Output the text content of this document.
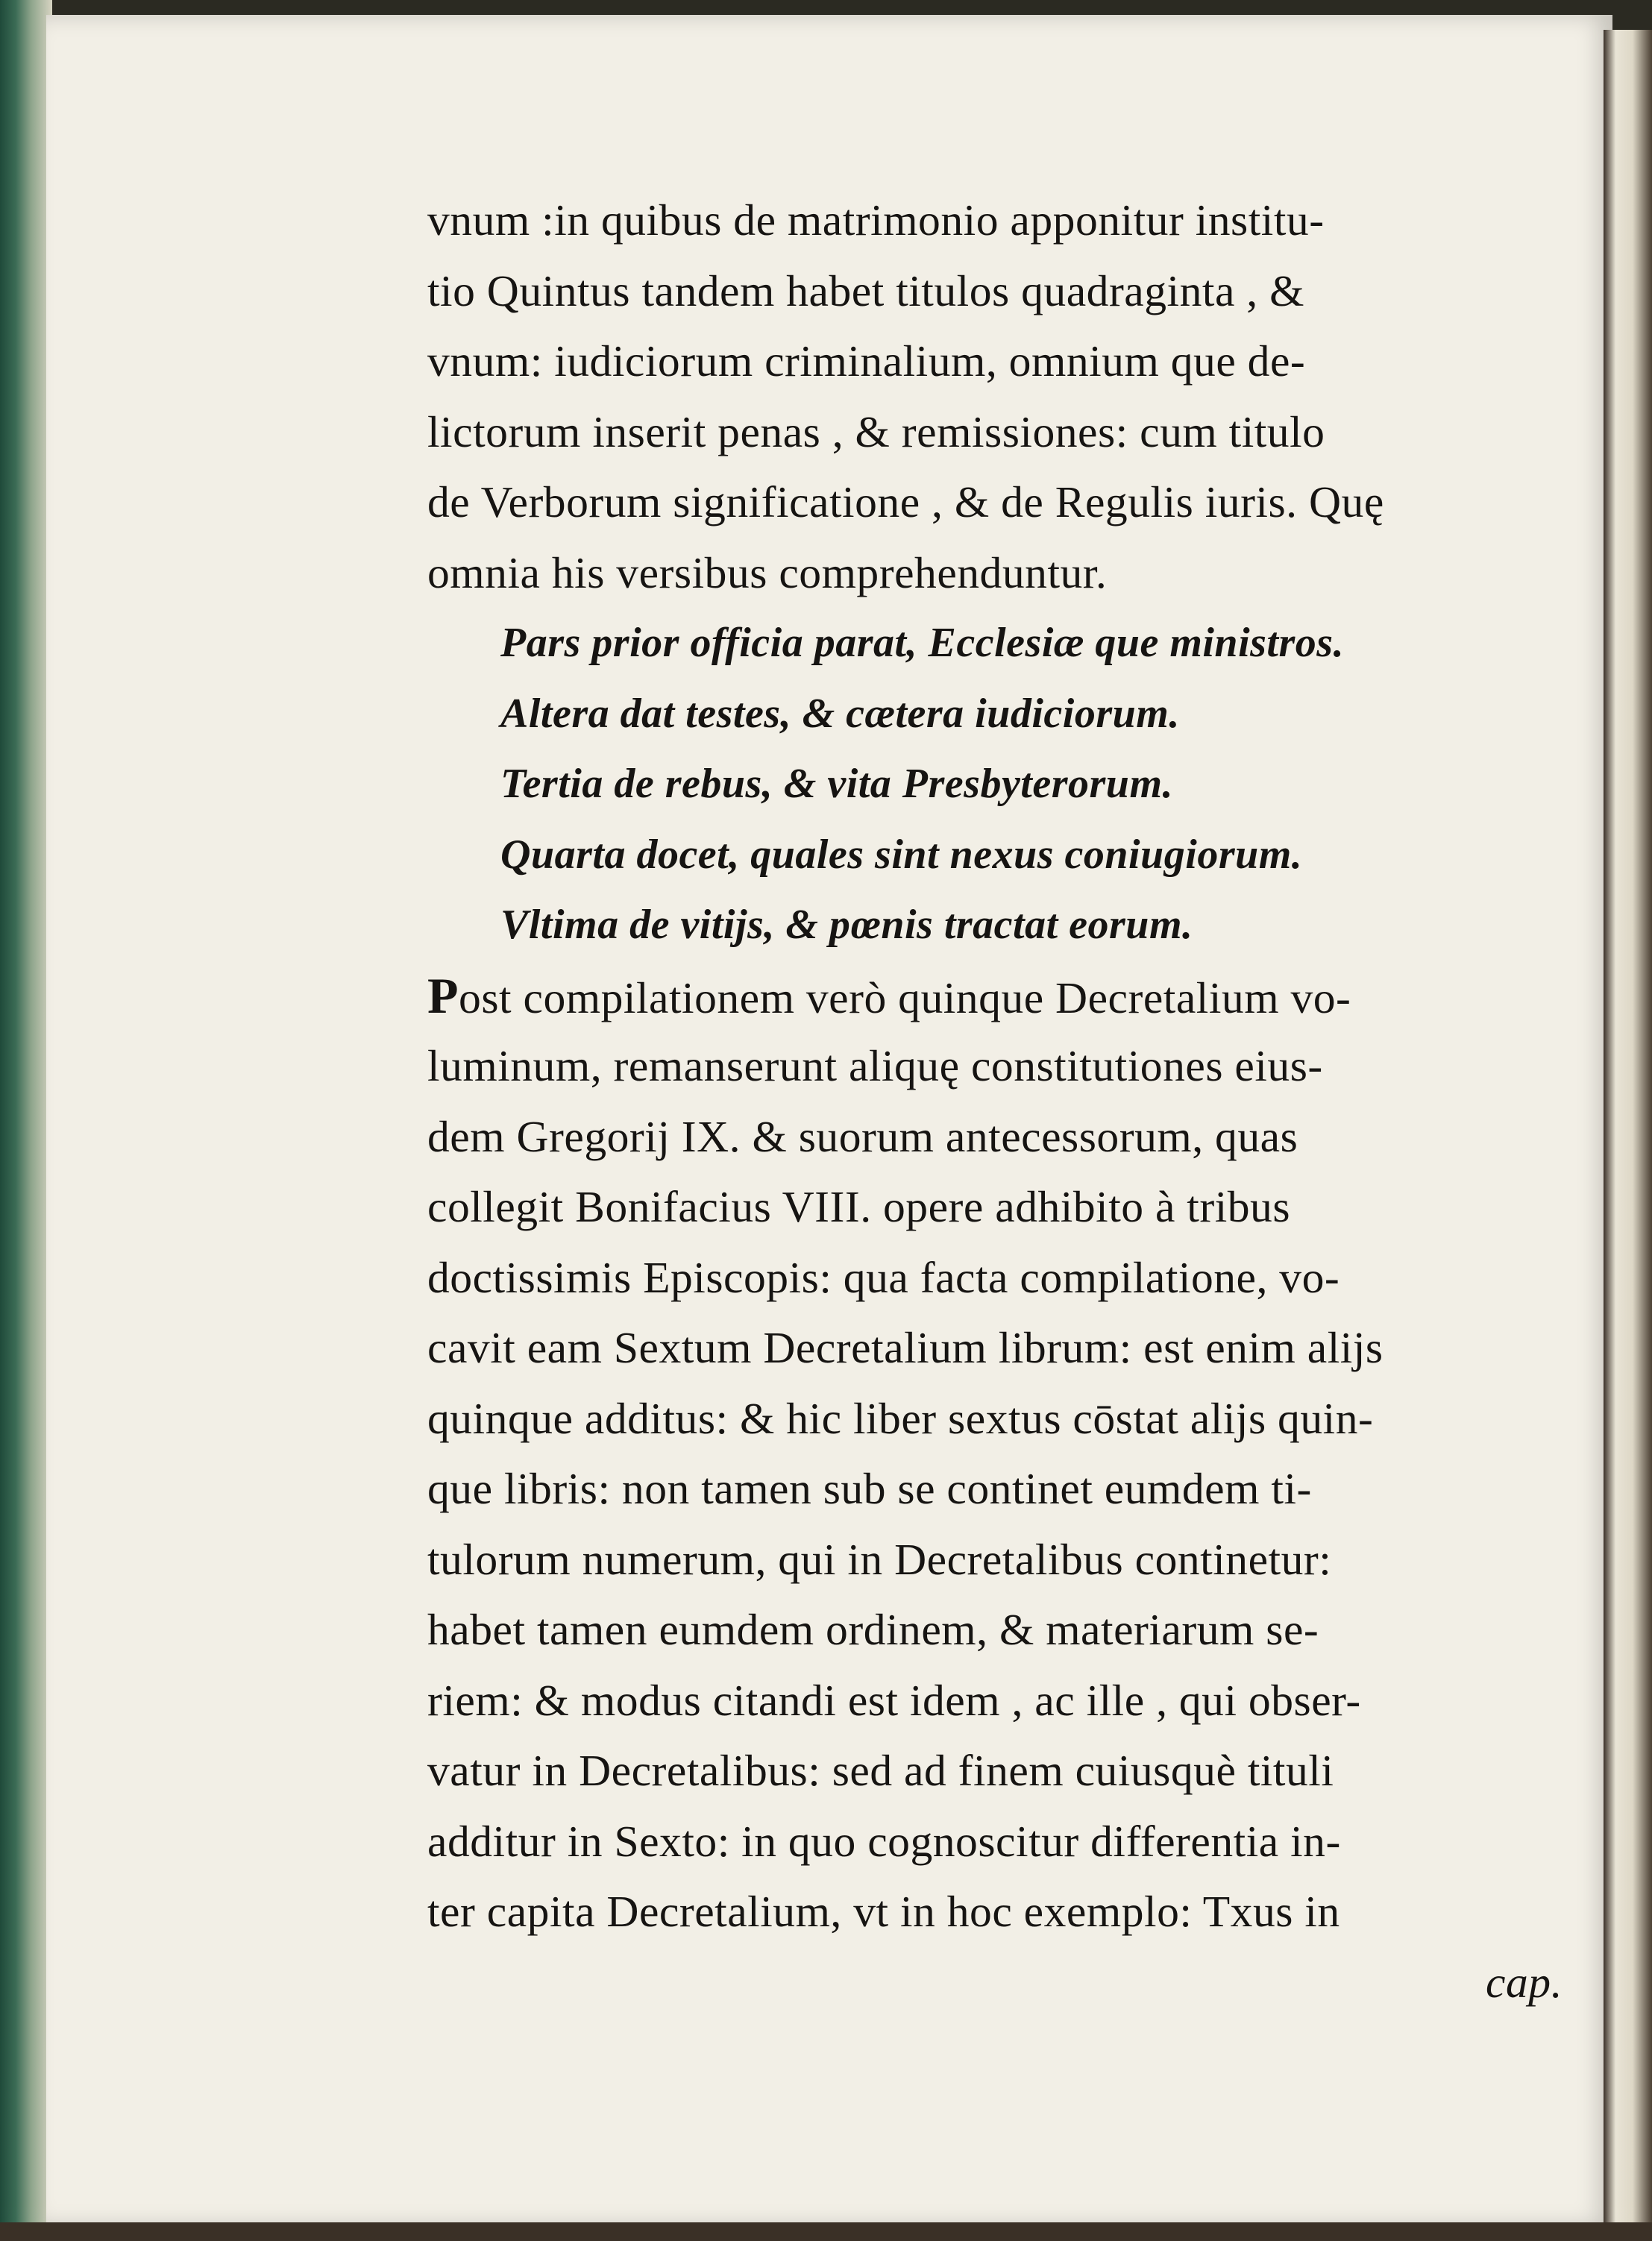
vnum :in quibus de matrimonio apponitur institu-
tio Quintus tandem habet titulos quadraginta , &
vnum: iudiciorum criminalium, omnium que de-
lictorum inserit penas , & remissiones: cum titulo
de Verborum significatione , & de Regulis iuris. Quę
omnia his versibus comprehenduntur.
Pars prior officia parat, Ecclesiæ que ministros.
Altera dat testes, & cætera iudiciorum.
Tertia de rebus, & vita Presbyterorum.
Quarta docet, quales sint nexus coniugiorum.
Vltima de vitijs, & pœnis tractat eorum.
Post compilationem verò quinque Decretalium vo-
luminum, remanserunt aliquę constitutiones eius-
dem Gregorij IX. & suorum antecessorum, quas
collegit Bonifacius VIII. opere adhibito à tribus
doctissimis Episcopis: qua facta compilatione, vo-
cavit eam Sextum Decretalium librum: est enim alijs
quinque additus: & hic liber sextus cōstat alijs quin-
que libris: non tamen sub se continet eumdem ti-
tulorum numerum, qui in Decretalibus continetur:
habet tamen eumdem ordinem, & materiarum se-
riem: & modus citandi est idem , ac ille , qui obser-
vatur in Decretalibus: sed ad finem cuiusquè tituli
additur in Sexto: in quo cognoscitur differentia in-
ter capita Decretalium, vt in hoc exemplo: Txus in
cap.
